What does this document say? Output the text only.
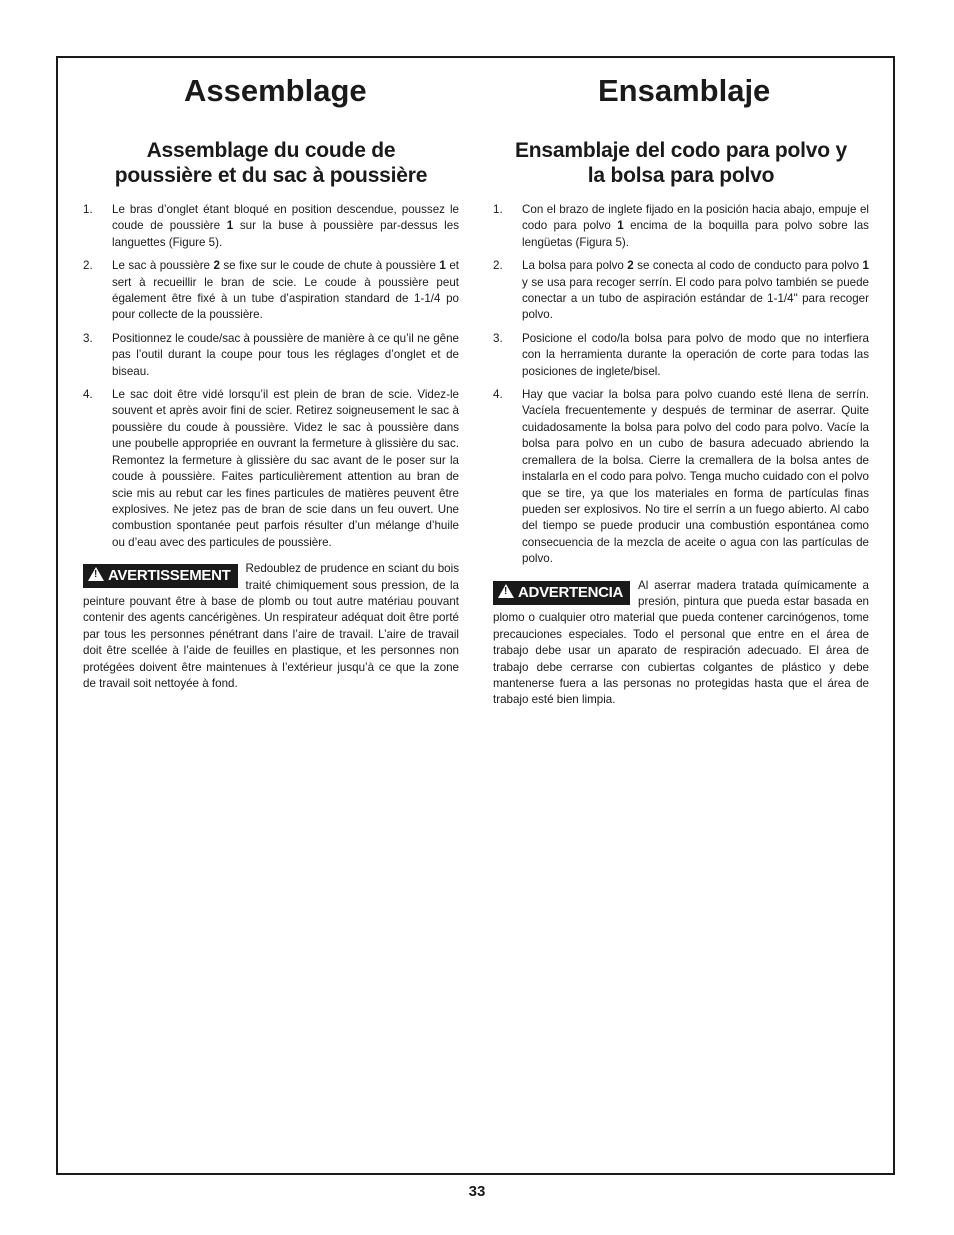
Assemblage
Assemblage du coude de
poussière et du sac à poussière
1. Le bras d’onglet étant bloqué en position descendue, poussez le coude de poussière 1 sur la buse à poussière par-dessus les languettes (Figure 5).
2. Le sac à poussière 2 se fixe sur le coude de chute à poussière 1 et sert à recueillir le bran de scie. Le coude à poussière peut également être fixé à un tube d’aspiration standard de 1-1/4 po pour collecte de la poussière.
3. Positionnez le coude/sac à poussière de manière à ce qu’il ne gêne pas l’outil durant la coupe pour tous les réglages d’onglet et de biseau.
4. Le sac doit être vidé lorsqu’il est plein de bran de scie. Videz-le souvent et après avoir fini de scier. Retirez soigneusement le sac à poussière du coude à poussière. Videz le sac à poussière dans une poubelle appropriée en ouvrant la fermeture à glissière du sac. Remontez la fermeture à glissière du sac avant de le poser sur la coude à poussière. Faites particulièrement attention au bran de scie mis au rebut car les fines particules de matières peuvent être explosives. Ne jetez pas de bran de scie dans un feu ouvert. Une combustion spontanée peut parfois résulter d’un mélange d’huile ou d’eau avec des particules de poussière.
!AVERTISSEMENT	Redoublez de prudence en sciant du bois traité chimiquement sous pression, de la peinture pouvant être à base de plomb ou tout autre matériau pouvant contenir des agents cancérigènes. Un respirateur adéquat doit être porté par tous les personnes pénétrant dans l’aire de travail. L’aire de travail doit être scellée à l’aide de feuilles en plastique, et les personnes non protégées doivent être maintenues à l’extérieur jusqu’à ce que la zone de travail soit nettoyée à fond.
Ensamblaje
Ensamblaje del codo para polvo y
la bolsa para polvo
1. Con el brazo de inglete fijado en la posición hacia abajo, empuje el codo para polvo 1 encima de la boquilla para polvo sobre las lengüetas (Figura 5).
2. La bolsa para polvo 2 se conecta al codo de conducto para polvo 1 y se usa para recoger serrín. El codo para polvo también se puede conectar a un tubo de aspiración estándar de 1-1/4" para recoger polvo.
3. Posicione el codo/la bolsa para polvo de modo que no interfiera con la herramienta durante la operación de corte para todas las posiciones de inglete/bisel.
4. Hay que vaciar la bolsa para polvo cuando esté llena de serrín. Vacíela frecuentemente y después de terminar de aserrar. Quite cuidadosamente la bolsa para polvo del codo para polvo. Vacíe la bolsa para polvo en un cubo de basura adecuado abriendo la cremallera de la bolsa. Cierre la cremallera de la bolsa antes de instalarla en el codo para polvo. Tenga mucho cuidado con el polvo que se tire, ya que los materiales en forma de partículas finas pueden ser explosivos. No tire el serrín a un fuego abierto. Al cabo del tiempo se puede producir una combustión espontánea como consecuencia de la mezcla de aceite o agua con las partículas de polvo.
!ADVERTENCIA	Al aserrar madera tratada químicamente a presión, pintura que pueda estar basada en plomo o cualquier otro material que pueda contener carcinógenos, tome precauciones especiales. Todo el personal que entre en el área de trabajo debe usar un aparato de respiración adecuado. El área de trabajo debe cerrarse con cubiertas colgantes de plástico y debe mantenerse fuera a las personas no protegidas hasta que el área de trabajo esté bien limpia.
33
